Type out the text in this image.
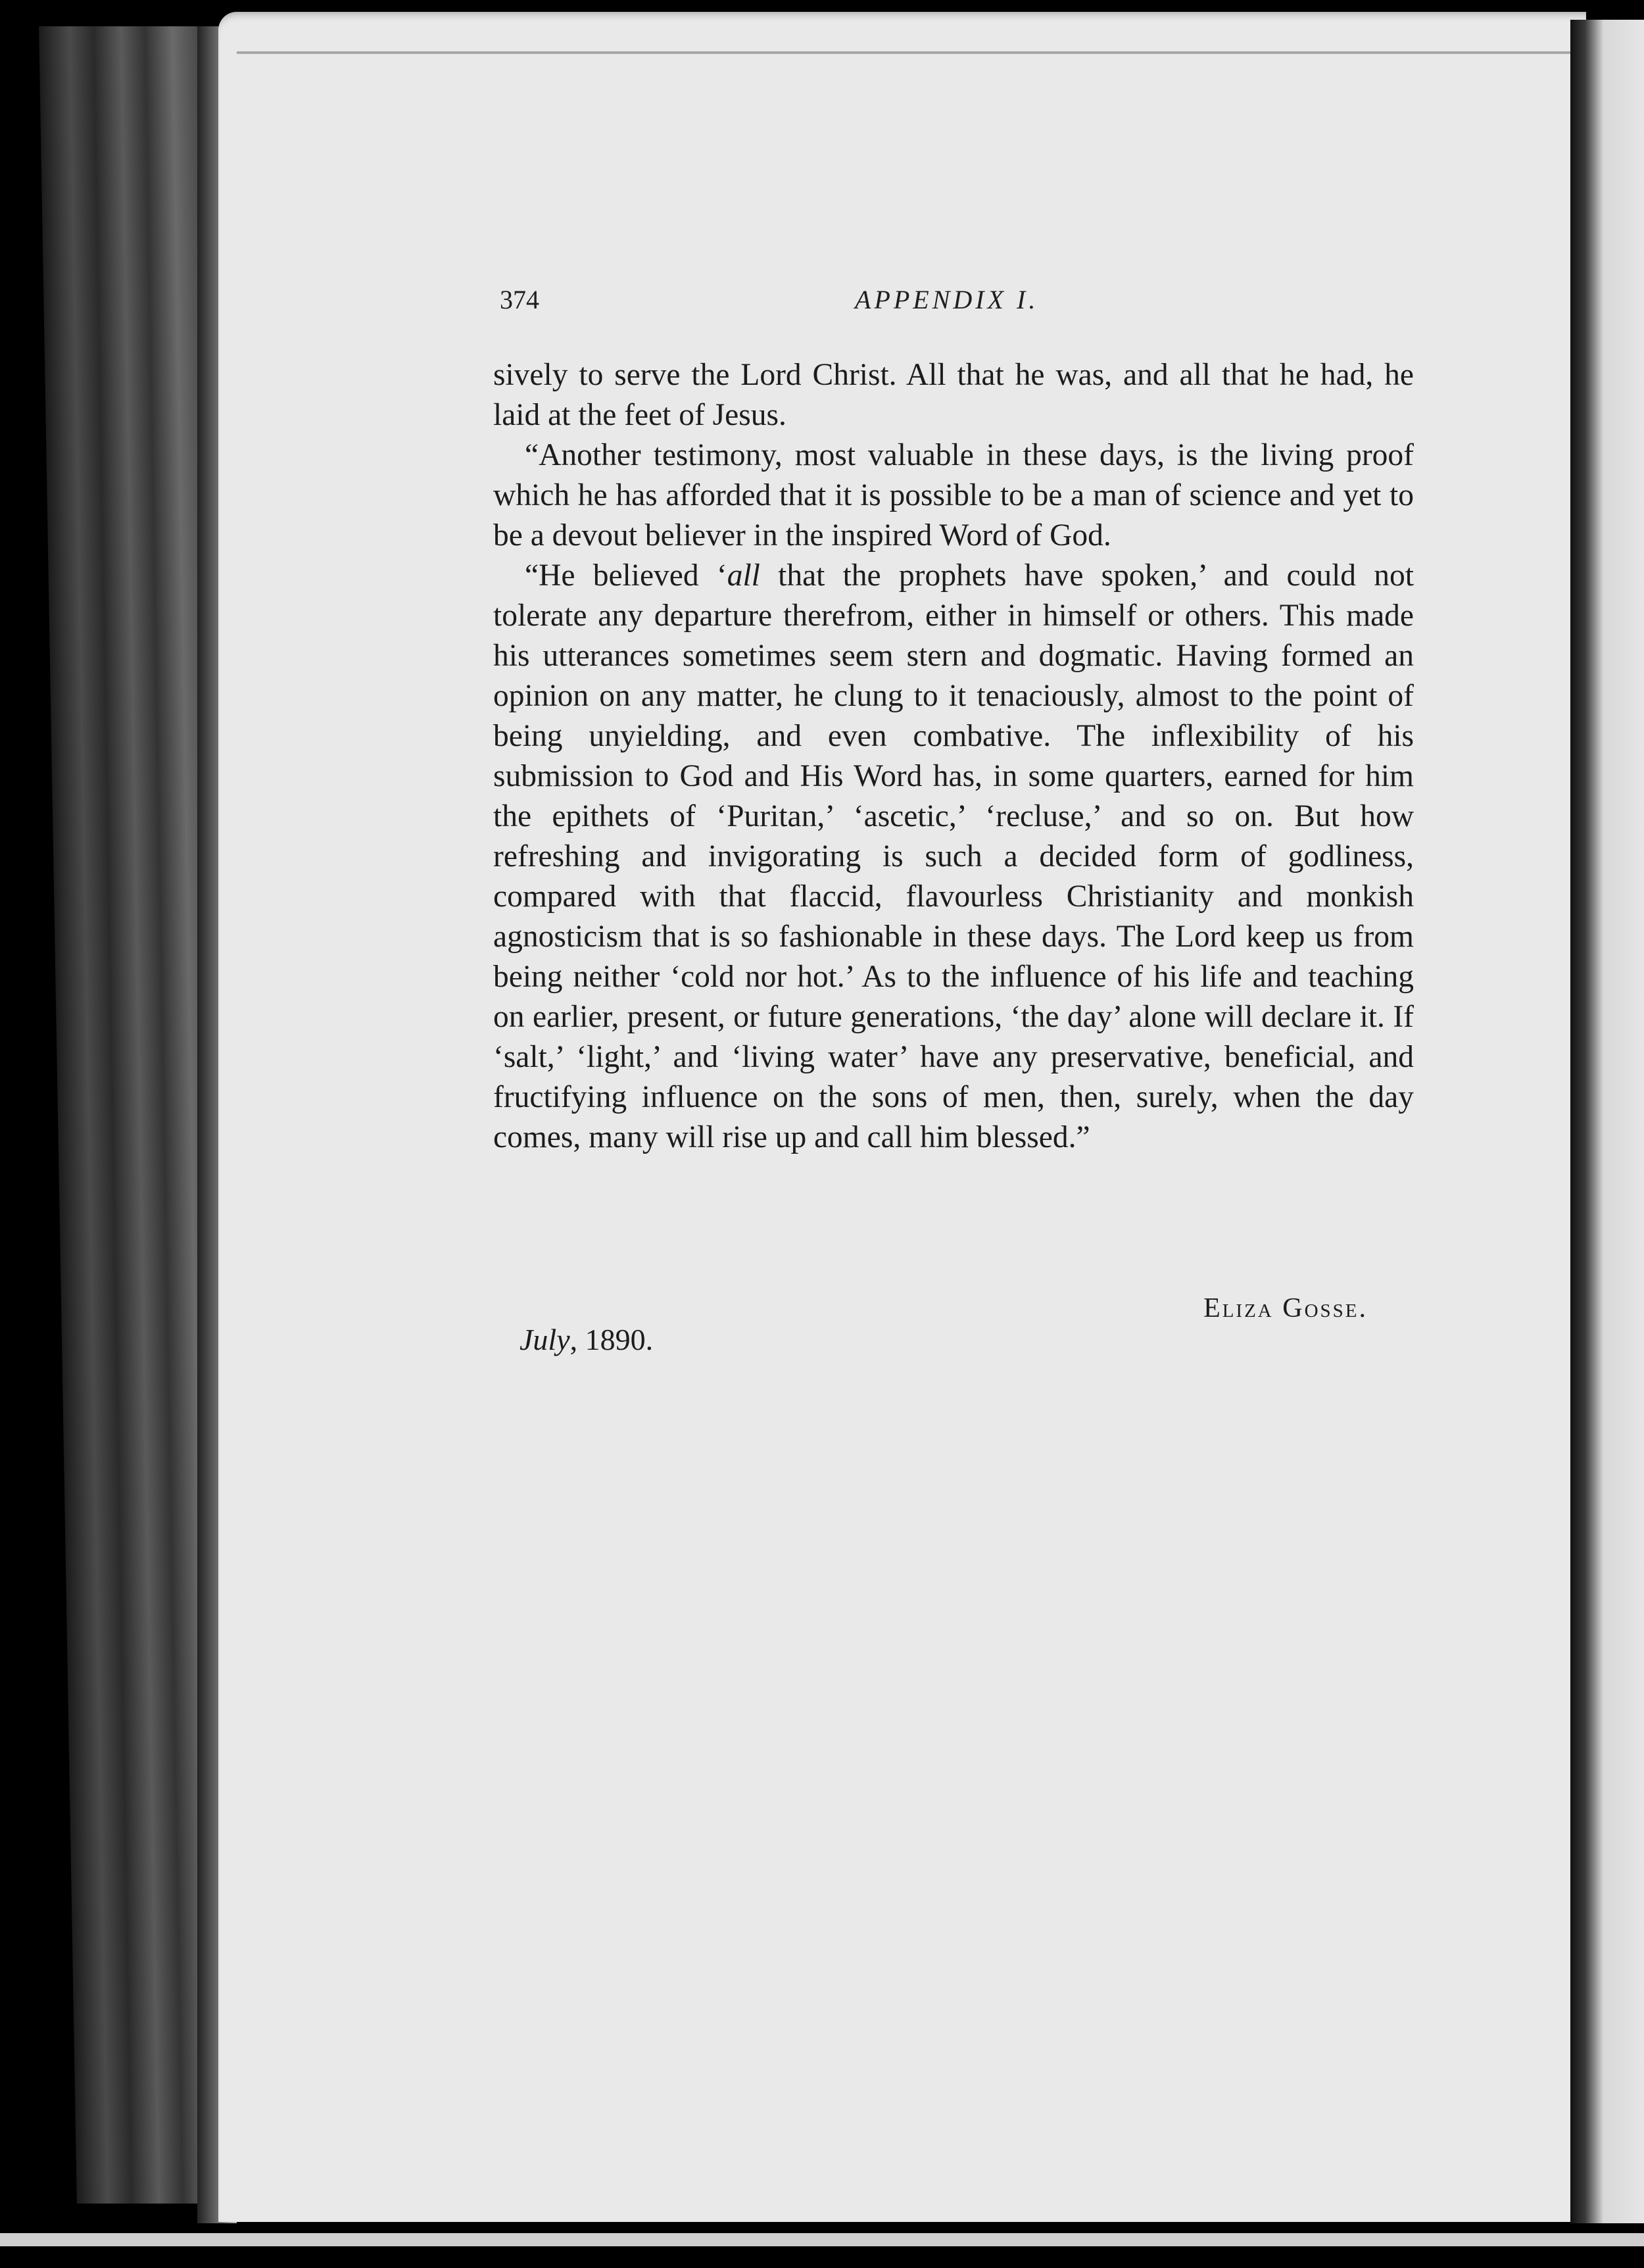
374	APPENDIX I.

sively to serve the Lord Christ. All that he was, and all that he had, he laid at the feet of Jesus.

“Another testimony, most valuable in these days, is the living proof which he has afforded that it is possible to be a man of science and yet to be a devout believer in the inspired Word of God.

“He believed ‘all that the prophets have spoken,’ and could not tolerate any departure therefrom, either in himself or others. This made his utterances sometimes seem stern and dogmatic. Having formed an opinion on any matter, he clung to it tenaciously, almost to the point of being unyielding, and even combative. The inflexibility of his submission to God and His Word has, in some quarters, earned for him the epithets of ‘Puritan,’ ‘ascetic,’ ‘recluse,’ and so on. But how refreshing and invigorating is such a decided form of godliness, compared with that flaccid, flavourless Christianity and monkish agnosticism that is so fashionable in these days. The Lord keep us from being neither ‘cold nor hot.’ As to the influence of his life and teaching on earlier, present, or future generations, ‘the day’ alone will declare it. If ‘salt,’ ‘light,’ and ‘living water’ have any preservative, beneficial, and fructifying influence on the sons of men, then, surely, when the day comes, many will rise up and call him blessed.”

Eliza Gosse.
July, 1890.
